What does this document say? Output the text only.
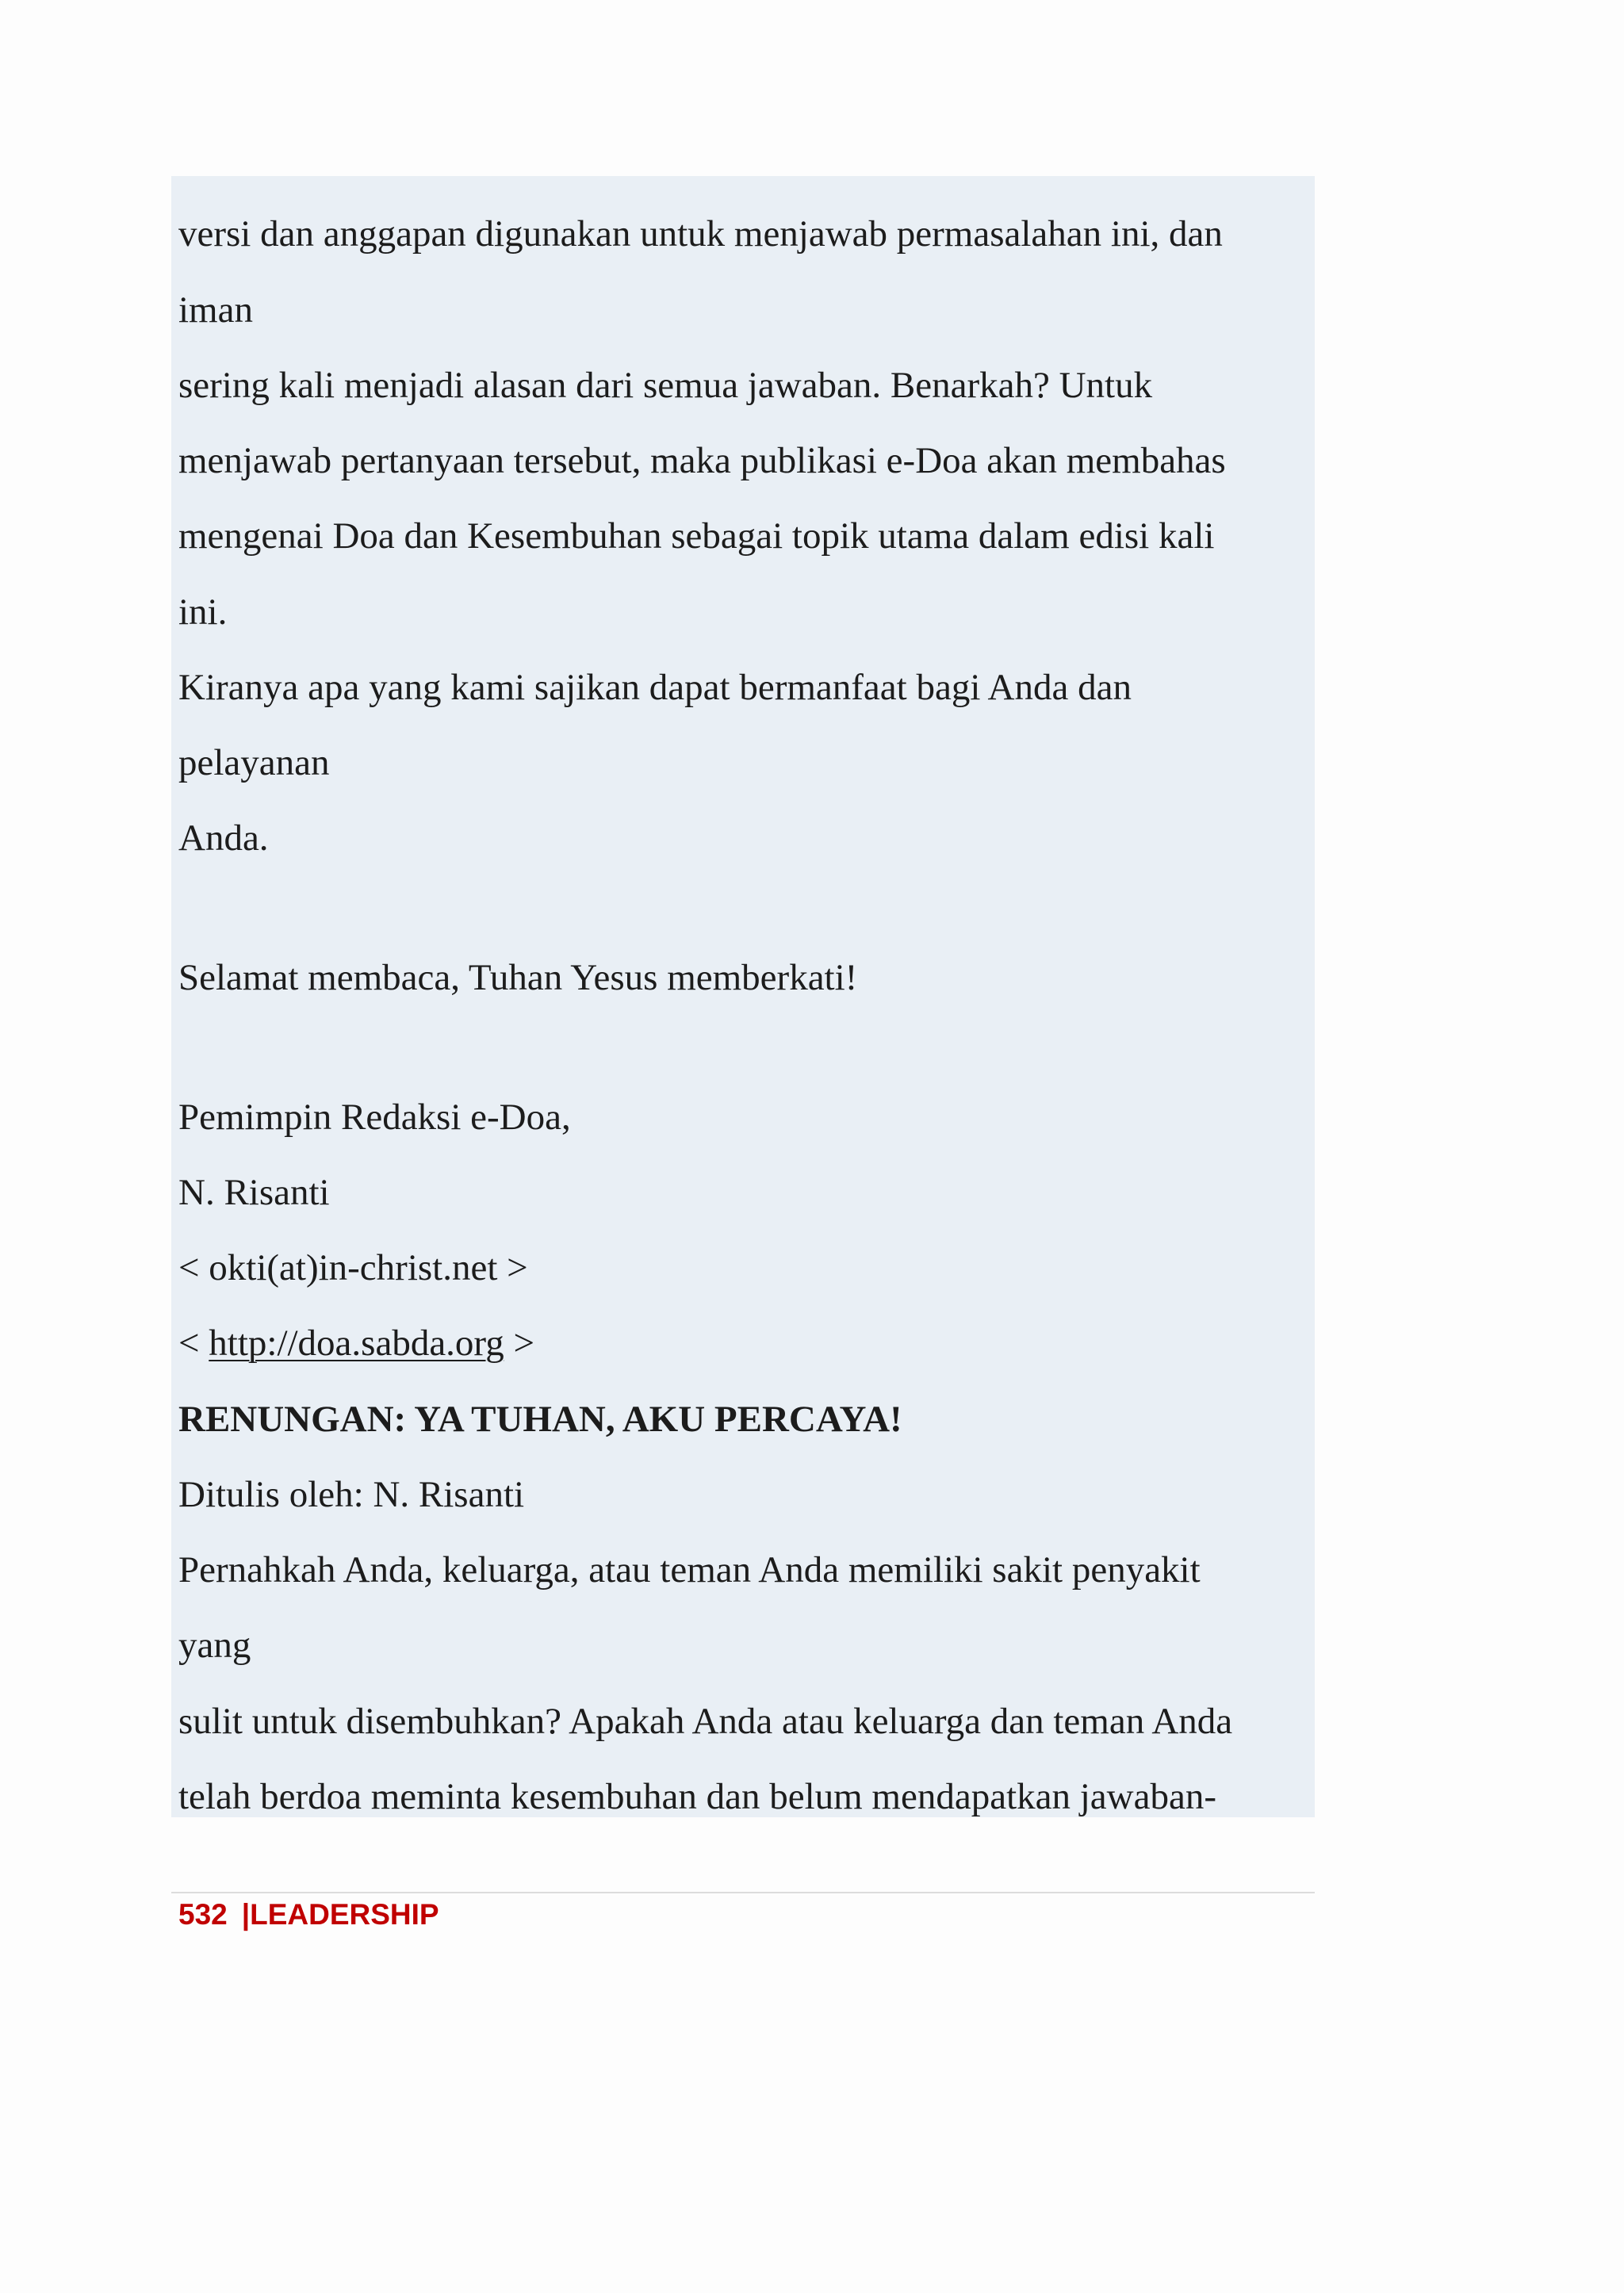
versi dan anggapan digunakan untuk menjawab permasalahan ini, dan

iman

sering kali menjadi alasan dari semua jawaban. Benarkah? Untuk

menjawab pertanyaan tersebut, maka publikasi e-Doa akan membahas

mengenai Doa dan Kesembuhan sebagai topik utama dalam edisi kali

ini.

Kiranya apa yang kami sajikan dapat bermanfaat bagi Anda dan

pelayanan

Anda.

Selamat membaca, Tuhan Yesus memberkati!

Pemimpin Redaksi e-Doa,

N. Risanti

< okti(at)in-christ.net >

< http://doa.sabda.org >

RENUNGAN: YA TUHAN, AKU PERCAYA!

Ditulis oleh: N. Risanti

Pernahkah Anda, keluarga, atau teman Anda memiliki sakit penyakit

yang

sulit untuk disembuhkan? Apakah Anda atau keluarga dan teman Anda

telah berdoa meminta kesembuhan dan belum mendapatkan jawaban-

532 |LEADERSHIP
